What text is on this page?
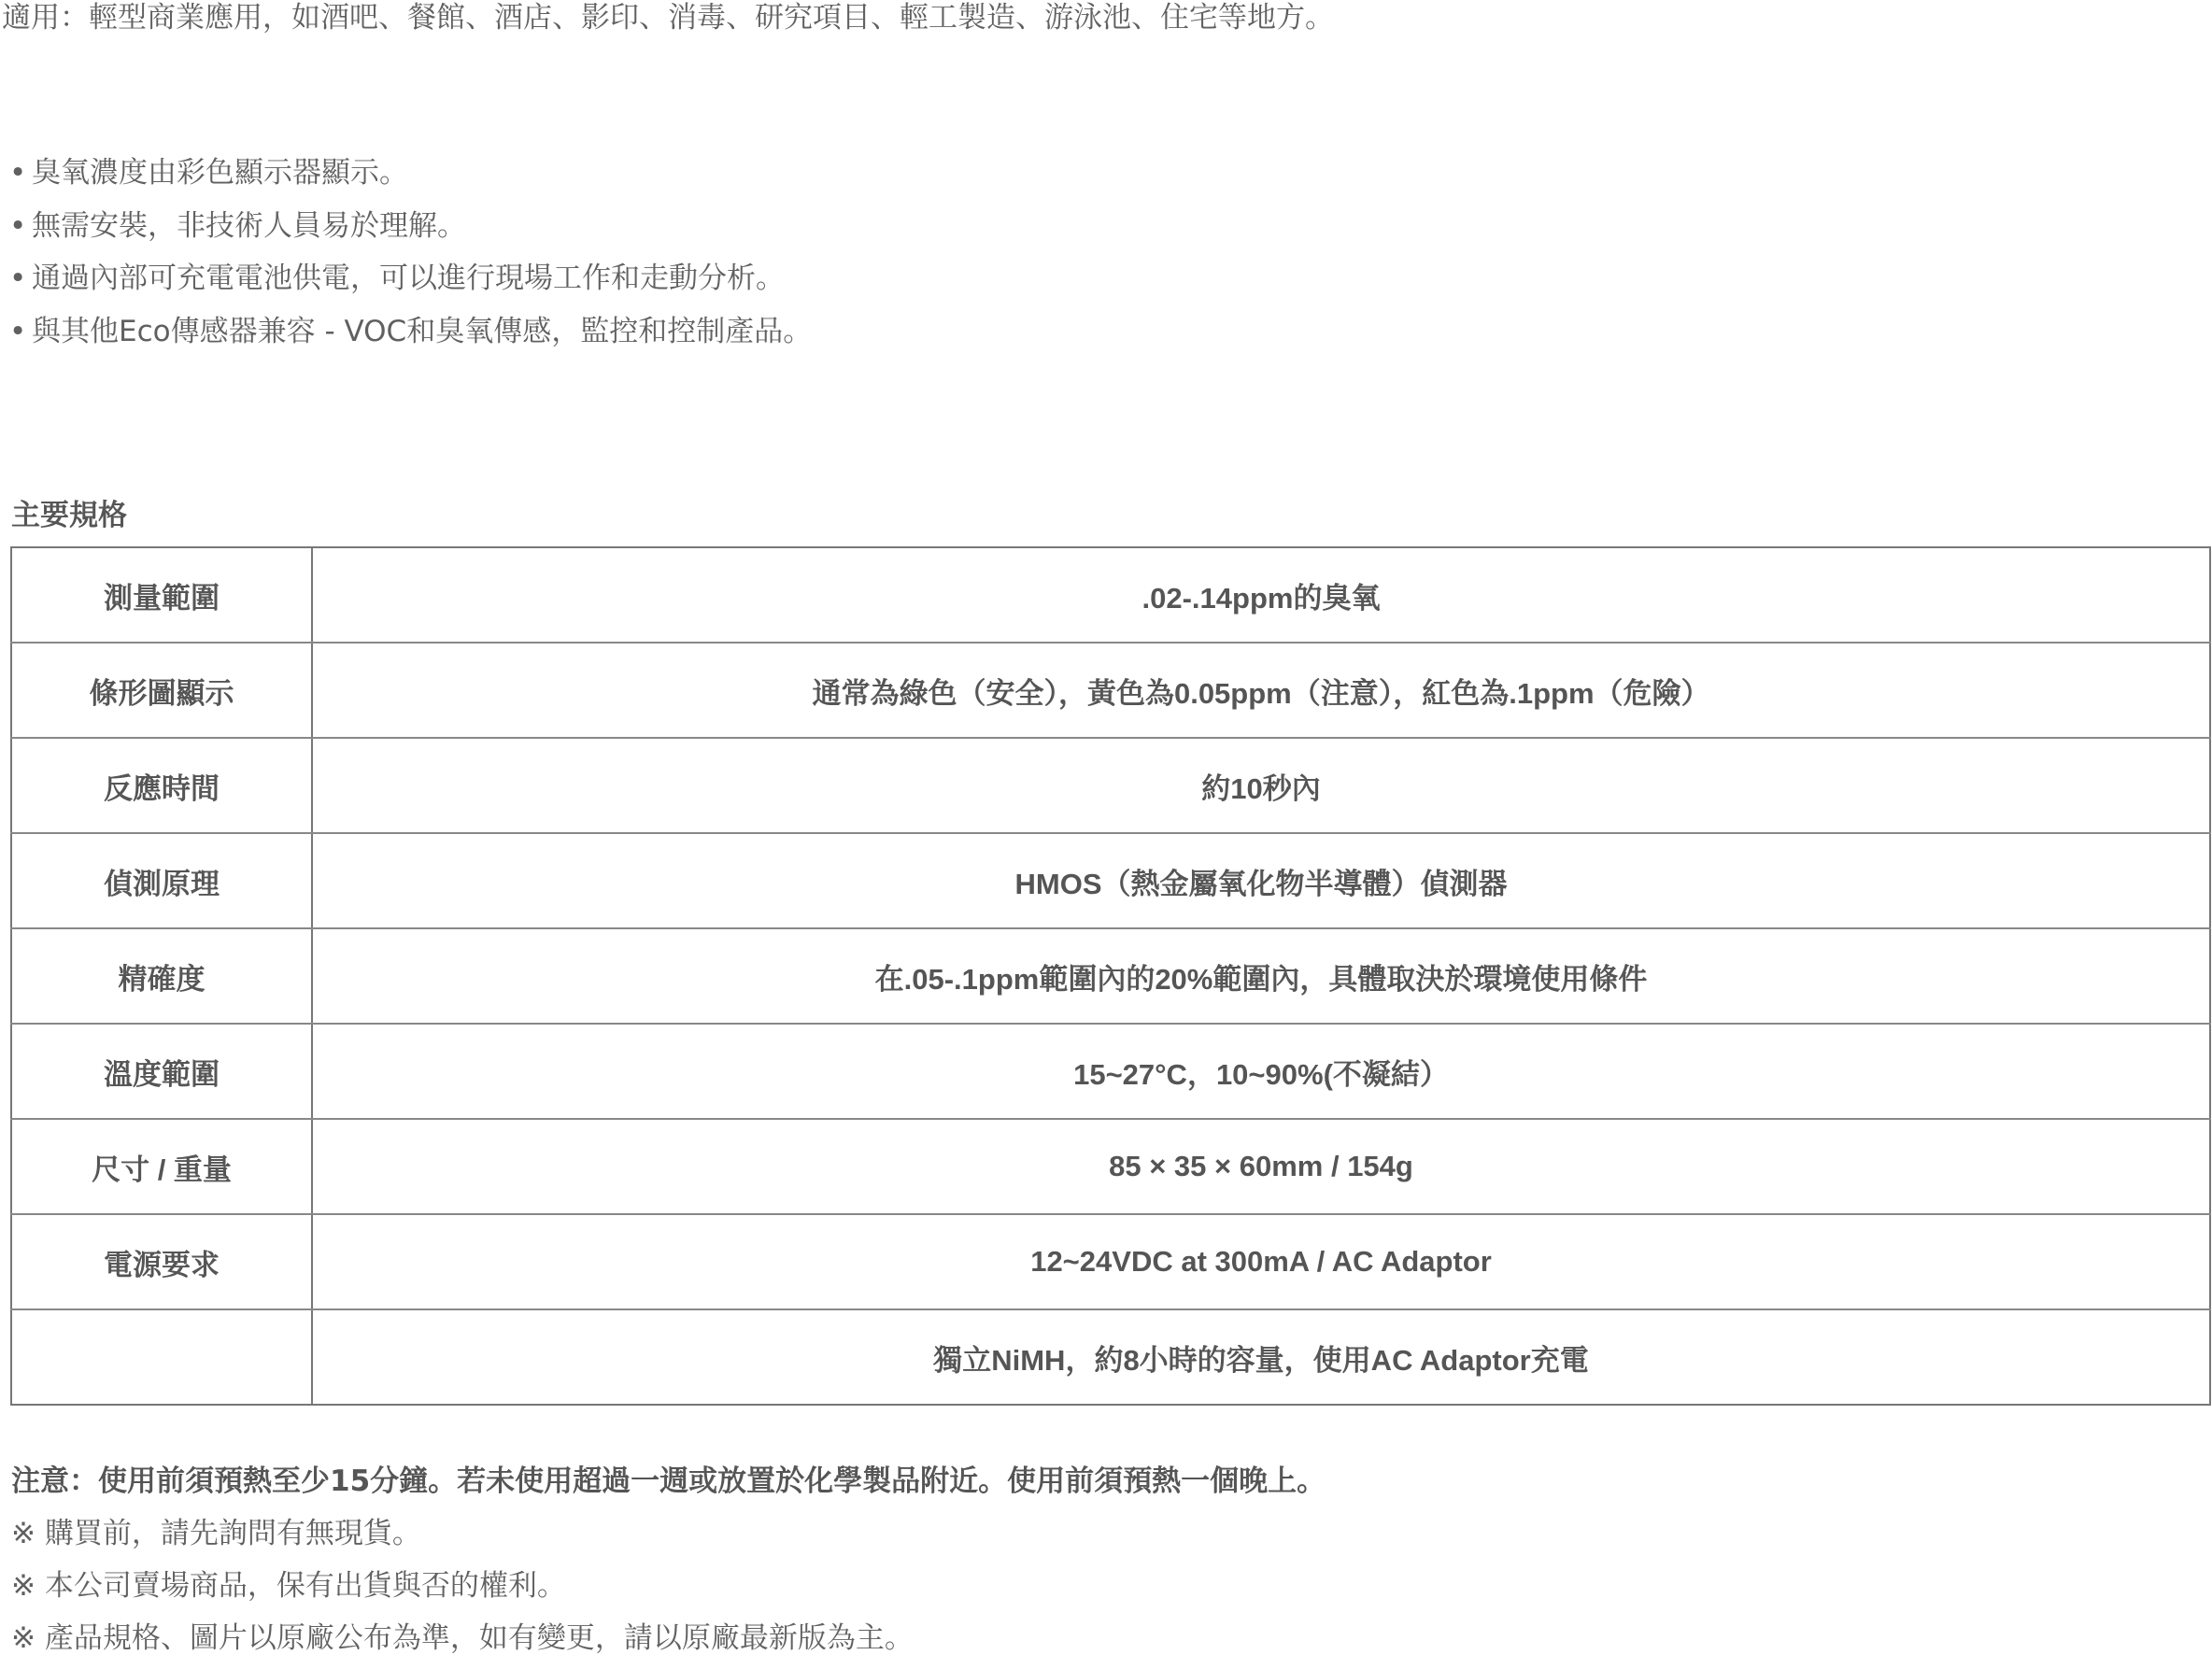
適用：輕型商業應用，如酒吧、餐館、酒店、影印、消毒、研究項目、輕工製造、游泳池、住宅等地方。
• 臭氧濃度由彩色顯示器顯示。
• 無需安裝，非技術人員易於理解。
• 通過內部可充電電池供電，可以進行現場工作和走動分析。
• 與其他Eco傳感器兼容 - VOC和臭氧傳感，監控和控制產品。
主要規格
測量範圍	.02-.14ppm的臭氧
條形圖顯示	通常為綠色（安全），黃色為0.05ppm（注意），紅色為.1ppm（危險）
反應時間	約10秒內
偵測原理	HMOS（熱金屬氧化物半導體）偵測器
精確度	在.05-.1ppm範圍內的20%範圍內，具體取決於環境使用條件
溫度範圍	15~27°C，10~90%(不凝結）
尺寸 / 重量	85 × 35 × 60mm / 154g
電源要求	12~24VDC at 300mA / AC Adaptor
	獨立NiMH，約8小時的容量，使用AC Adaptor充電
注意：使用前須預熱至少15分鐘。若未使用超過一週或放置於化學製品附近。使用前須預熱一個晚上。
※ 購買前，請先詢問有無現貨。
※ 本公司賣場商品，保有出貨與否的權利。
※ 產品規格、圖片以原廠公布為準，如有變更，請以原廠最新版為主。
